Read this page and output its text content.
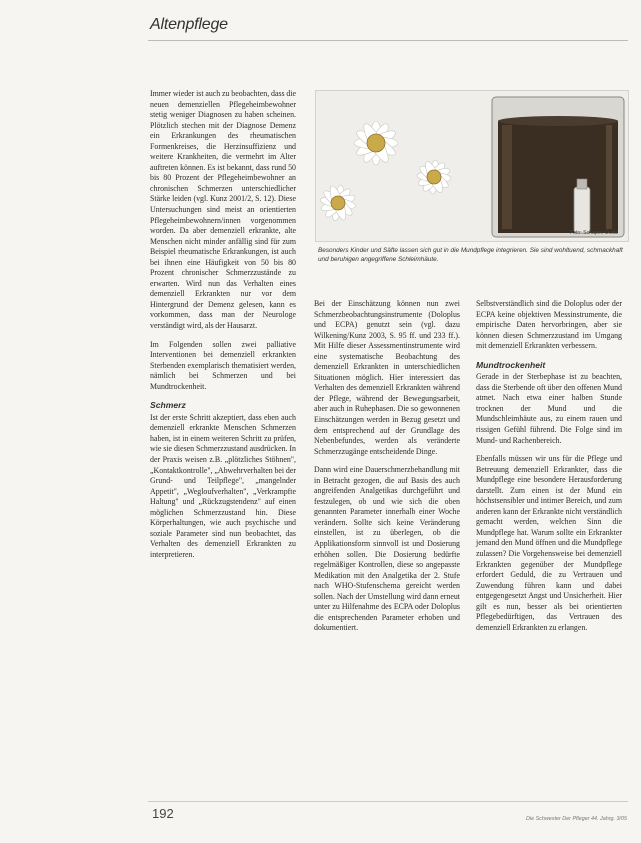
Altenpflege

Immer wieder ist auch zu beobachten, dass die neuen demenziellen Pflegeheimbewohner stetig weniger Diagnosen zu haben scheinen. Plötzlich stechen mit der Diagnose Demenz ein Erkrankungen des rheumatischen Formenkreises, die Herzinsuffizienz und weitere Krankheiten, die vermehrt im Alter auftreten können. Es ist bekannt, dass rund 50 bis 80 Prozent der Pflegeheimbewohner an chronischen Schmerzen unterschiedlicher Stärke leiden (vgl. Kunz 2001/2, S. 12). Diese Untersuchungen sind meist an orientierten Pflegeheimbewohnern/innen vorgenommen worden. Da aber demenziell erkrankte, alte Menschen nicht minder anfällig sind für zum Beispiel rheumatische Erkrankungen, ist auch bei ihnen eine Häufigkeit von 50 bis 80 Prozent chronischer Schmerzzustände zu erwarten. Wird nun das Verhalten eines demenziell Erkrankten nur vor dem Hintergrund der Demenz gelesen, kann es vorkommen, dass man der Neurologe verständigt wird, als der Hausarzt.

Im Folgenden sollen zwei palliative Interventionen bei demenziell erkrankten Sterbenden exemplarisch thematisiert werden, nämlich bei Schmerzen und bei Mundtrockenheit.

Schmerz

Ist der erste Schritt akzeptiert, dass eben auch demenziell erkrankte Menschen Schmerzen haben, ist in einem weiteren Schritt zu prüfen, wie sie diesen Schmerzzustand ausdrücken. In der Praxis weisen z.B. „plötzliches Stöhnen", „Kontaktkontrolle", „Abwehrverhalten bei der Grund- und Teilpflege", „mangelnder Appetit", „Wegloufverhalten", „Verkrampfte Haltung" und „Rückzugstendenz" auf einen möglichen Schmerzzustand hin. Diese Körperhaltungen, wie auch psychische und soziale Parameter sind nun beobachtet, das Verhalten des demenziell Erkrankten zu interpretieren.

Foto: Schaper, Dalitz
Besonders Kinder und Säfte lassen sich gut in die Mundpflege integrieren. Sie sind wohltuend, schmackhaft und beruhigen angegriffene Schleimhäute.

Bei der Einschätzung können nun zwei Schmerzbeobachtungsinstrumente (Doloplus und ECPA) genutzt sein (vgl. dazu Wilkening/Kunz 2003, S. 95 ff. und 233 ff.). Mit Hilfe dieser Assessmentinstrumente wird eine systematische Beobachtung des demenziell Erkrankten in unterschiedlichen Situationen möglich. Hier interessiert das Verhalten des demenziell Erkrankten während der Pflege, während der Bewegungsarbeit, aber auch in Ruhephasen. Die so gewonnenen Einschätzungen werden in Bezug gesetzt und dem entsprechend auf der Grundlage des Nebenbefundes, werden als veränderte Schmerzzugänge entscheidende Dinge.

Dann wird eine Dauerschmerzbehandlung mit in Betracht gezogen, die auf Basis des auch angreifenden Analgetikas durchgeführt und festzulegen, ob und wie sich die oben genannten Parameter innerhalb einer Woche verändern. Sollte sich keine Veränderung einstellen, ist zu überlegen, ob die Applikationsform sinnvoll ist und Dosierung erhöhen sollen. Die Dosierung bedürfte regelmäßiger Kontrollen, diese so angepasste Medikation mit den Analgetika der 2. Stufe nach WHO-Stufenschema gereicht werden sollen. Nach der Umstellung wird dann erneut unter zu Hilfenahme des ECPA oder Doloplus die entsprechenden Parameter erhoben und dokumentiert.

Selbstverständlich sind die Doloplus oder der ECPA keine objektiven Messinstrumente, die empirische Daten hervorbringen, aber sie können diesen Schmerzzustand im Umgang mit demenziell Erkrankten verbessern.

Mundtrockenheit

Gerade in der Sterbephase ist zu beachten, dass die Sterbende oft über den offenen Mund atmet. Nach etwa einer halben Stunde trocknen der Mund und die Mundschleimhäute aus, zu einem rauen und rissigen Gefühl führend. Die Folge sind im Mund- und Rachenbereich.

Ebenfalls müssen wir uns für die Pflege und Betreuung demenziell Erkrankter, dass die Mundpflege eine besondere Herausforderung darstellt. Zum einen ist der Mund ein höchstsensibler und intimer Bereich, und zum anderen kann der Erkrankte nicht verständlich gemacht werden, welchen Sinn die Mundpflege hat. Warum sollte ein Erkrankter jemand den Mund öffnen und die Mundpflege zulassen? Die Vorgehensweise bei demenziell Erkrankten gegenüber der Mundpflege erfordert Geduld, die zu Vertrauen und Zuwendung führen kann und dabei entgegengesetzt Angst und Unsicherheit. Hier gilt es nun, besser als bei orientierten Pflegebedürftigen, das Vertrauen des demenziell Erkrankten zu erlangen.

192	Die Schwester Der Pfleger 44. Jahrg. 3/05
